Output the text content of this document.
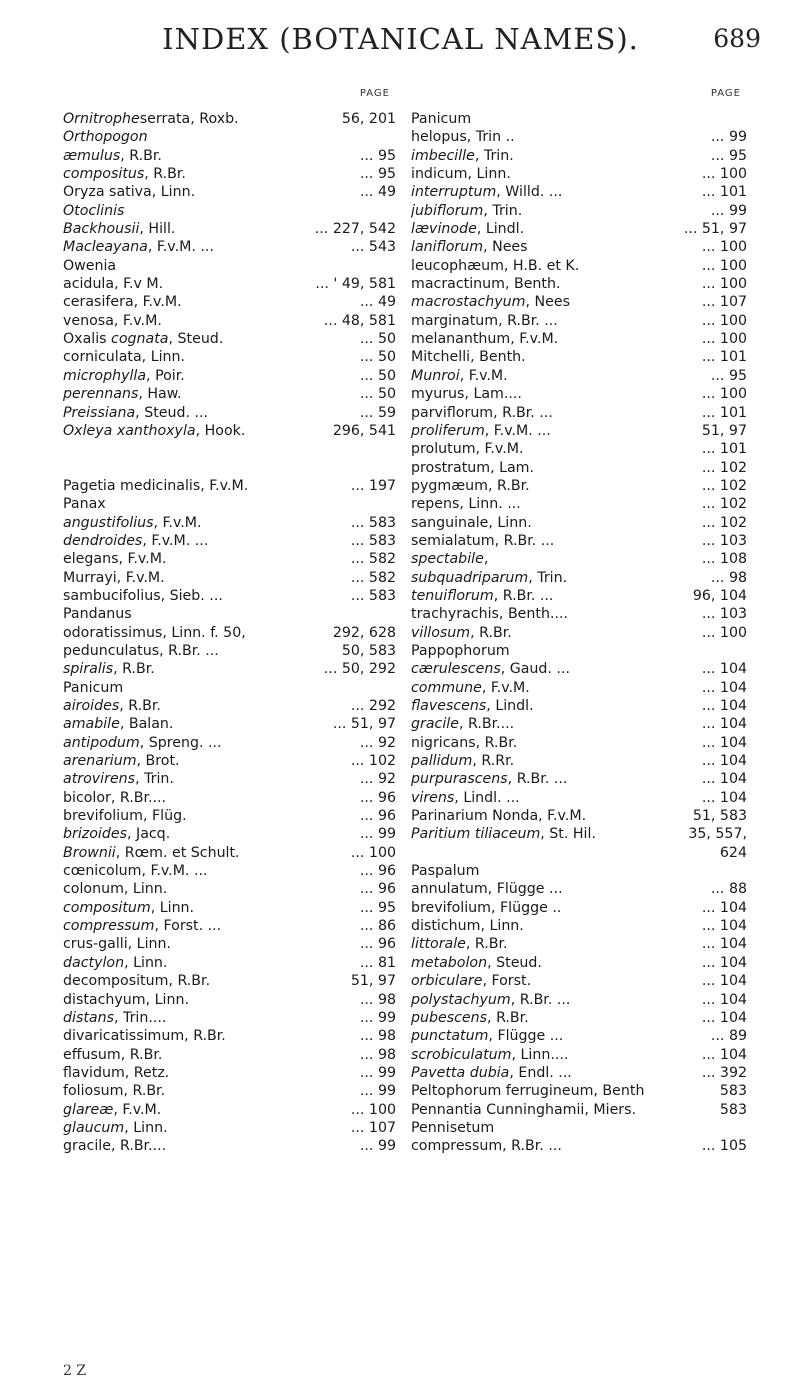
INDEX (BOTANICAL NAMES).	689
PAGE
Ornitropheserrata, Roxb.	56, 201
Orthopogon
æmulus, R.Br.	... 95
compositus, R.Br.	... 95
Oryza sativa, Linn.	... 49
Otoclinis
Backhousii, Hill.	... 227, 542
Macleayana, F.v.M. ...	... 543
Owenia
acidula, F.v M.	... ' 49, 581
cerasifera, F.v.M.	... 49
venosa, F.v.M.	... 48, 581
Oxalis cognata, Steud.	... 50
corniculata, Linn.	... 50
microphylla, Poir.	... 50
perennans, Haw.	... 50
Preissiana, Steud. ...	... 59
Oxleya xanthoxyla, Hook.	296, 541
Pagetia medicinalis, F.v.M.	... 197
Panax
angustifolius, F.v.M.	... 583
dendroides, F.v.M. ...	... 583
elegans, F.v.M.	... 582
Murrayi, F.v.M.	... 582
sambucifolius, Sieb. ...	... 583
Pandanus
odoratissimus, Linn. f. 50,	292, 628
pedunculatus, R.Br. ...	50, 583
spiralis, R.Br.	... 50, 292
Panicum
airoides, R.Br.	... 292
amabile, Balan.	... 51, 97
antipodum, Spreng. ...	... 92
arenarium, Brot.	... 102
atrovirens, Trin.	... 92
bicolor, R.Br....	... 96
brevifolium, Flüg.	... 96
brizoides, Jacq.	... 99
Brownii, Rœm. et Schult.	... 100
cœnicolum, F.v.M. ...	... 96
colonum, Linn.	... 96
compositum, Linn.	... 95
compressum, Forst. ...	... 86
crus-galli, Linn.	... 96
dactylon, Linn.	... 81
decompositum, R.Br.	51, 97
distachyum, Linn.	... 98
distans, Trin....	... 99
divaricatissimum, R.Br.	... 98
effusum, R.Br.	... 98
flavidum, Retz.	... 99
foliosum, R.Br.	... 99
glareæ, F.v.M.	... 100
glaucum, Linn.	... 107
gracile, R.Br....	... 99
PAGE
Panicum
helopus, Trin ..	... 99
imbecille, Trin.	... 95
indicum, Linn.	... 100
interruptum, Willd. ...	... 101
jubiflorum, Trin.	... 99
lævinode, Lindl.	... 51, 97
laniflorum, Nees	... 100
leucophæum, H.B. et K.	... 100
macractinum, Benth.	... 100
macrostachyum, Nees	... 107
marginatum, R.Br. ...	... 100
melananthum, F.v.M.	... 100
Mitchelli, Benth.	... 101
Munroi, F.v.M.	... 95
myurus, Lam....	... 100
parviflorum, R.Br. ...	... 101
proliferum, F.v.M. ...	51, 97
prolutum, F.v.M.	... 101
prostratum, Lam.	... 102
pygmæum, R.Br.	... 102
repens, Linn. ...	... 102
sanguinale, Linn.	... 102
semialatum, R.Br. ...	... 103
spectabile,	... 108
subquadriparum, Trin.	... 98
tenuiflorum, R.Br. ...	96, 104
trachyrachis, Benth....	... 103
villosum, R.Br.	... 100
Pappophorum
cærulescens, Gaud. ...	... 104
commune, F.v.M.	... 104
flavescens, Lindl.	... 104
gracile, R.Br....	... 104
nigricans, R.Br.	... 104
pallidum, R.Rr.	... 104
purpurascens, R.Br. ...	... 104
virens, Lindl. ...	... 104
Parinarium Nonda, F.v.M.	51, 583
Paritium tiliaceum, St. Hil.	35, 557,
624
Paspalum
annulatum, Flügge ...	... 88
brevifolium, Flügge ..	... 104
distichum, Linn.	... 104
littorale, R.Br.	... 104
metabolon, Steud.	... 104
orbiculare, Forst.	... 104
polystachyum, R.Br. ...	... 104
pubescens, R.Br.	... 104
punctatum, Flügge ...	... 89
scrobiculatum, Linn....	... 104
Pavetta dubia, Endl. ...	... 392
Peltophorum ferrugineum, Benth	583
Pennantia Cunninghamii, Miers.	583
Pennisetum
compressum, R.Br. ...	... 105
2 Z
